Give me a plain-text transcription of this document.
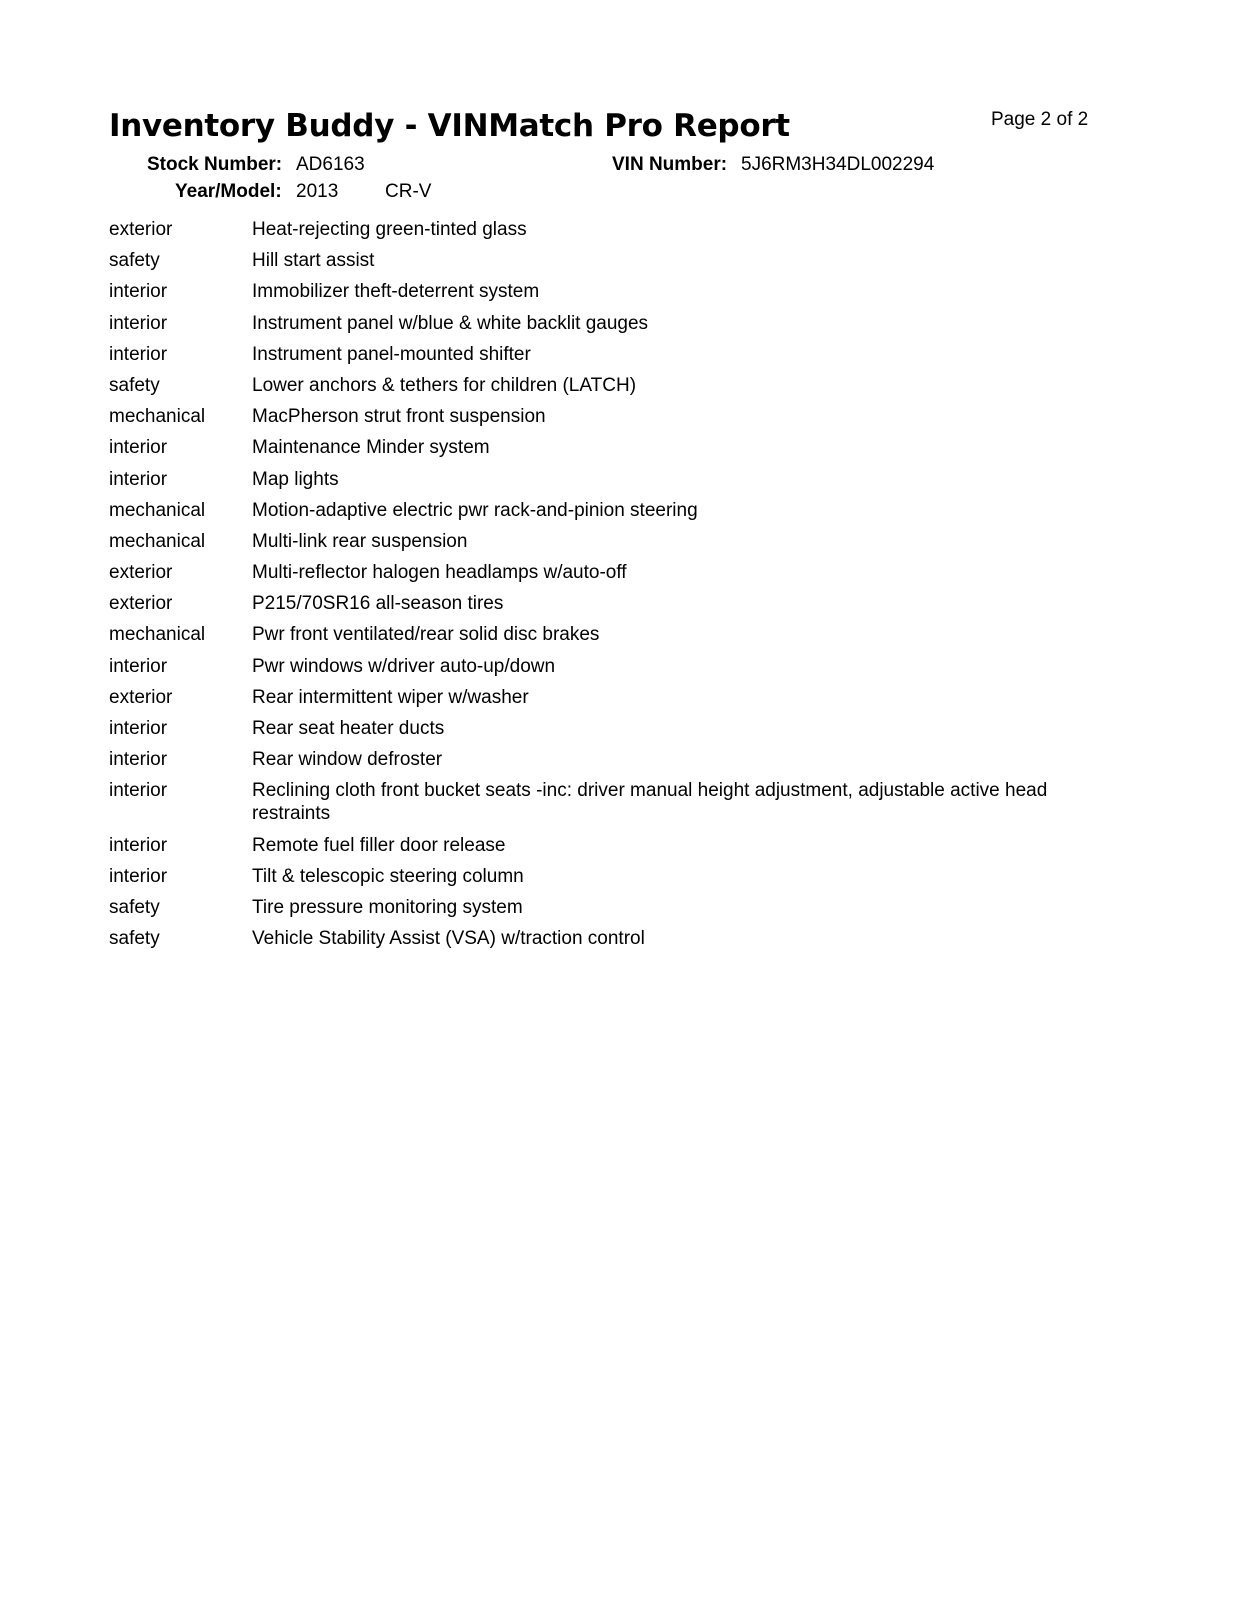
Inventory Buddy - VINMatch Pro Report	Page 2 of 2
Stock Number: AD6163	VIN Number: 5J6RM3H34DL002294
Year/Model: 2013 CR-V
exterior	Heat-rejecting green-tinted glass
safety	Hill start assist
interior	Immobilizer theft-deterrent system
interior	Instrument panel w/blue & white backlit gauges
interior	Instrument panel-mounted shifter
safety	Lower anchors & tethers for children (LATCH)
mechanical	MacPherson strut front suspension
interior	Maintenance Minder system
interior	Map lights
mechanical	Motion-adaptive electric pwr rack-and-pinion steering
mechanical	Multi-link rear suspension
exterior	Multi-reflector halogen headlamps w/auto-off
exterior	P215/70SR16 all-season tires
mechanical	Pwr front ventilated/rear solid disc brakes
interior	Pwr windows w/driver auto-up/down
exterior	Rear intermittent wiper w/washer
interior	Rear seat heater ducts
interior	Rear window defroster
interior	Reclining cloth front bucket seats -inc: driver manual height adjustment, adjustable active head restraints
interior	Remote fuel filler door release
interior	Tilt & telescopic steering column
safety	Tire pressure monitoring system
safety	Vehicle Stability Assist (VSA) w/traction control
